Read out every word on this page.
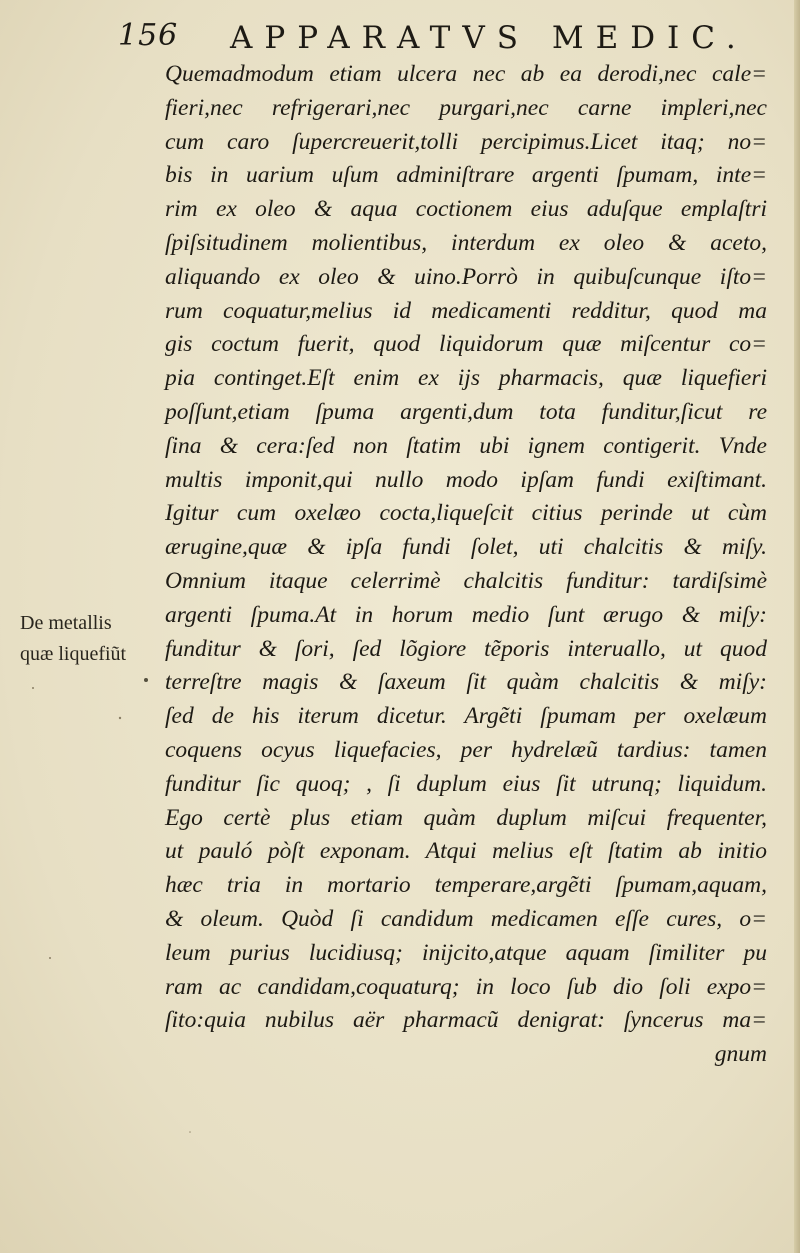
156 APPARATVS MEDIC.
De metallis
quæ liquefiũt
Quemadmodum etiam ulcera nec ab ea derodi,nec cale=
fieri,nec refrigerari,nec purgari,nec carne impleri,nec
cum caro ſupercreuerit,tolli percipimus.Licet itaq; no=
bis in uarium uſum adminiſtrare argenti ſpumam, inte=
rim ex oleo & aqua coctionem eius aduſque emplaſtri
ſpiſsitudinem molientibus, interdum ex oleo & aceto,
aliquando ex oleo & uino.Porrò in quibuſcunque iſto=
rum coquatur,melius id medicamenti redditur, quod ma
gis coctum fuerit, quod liquidorum quæ miſcentur co=
pia continget.Eſt enim ex ijs pharmacis, quæ liquefieri
poſſunt,etiam ſpuma argenti,dum tota funditur,ſicut re
ſina & cera:ſed non ſtatim ubi ignem contigerit. Vnde
multis imponit,qui nullo modo ipſam fundi exiſtimant.
Igitur cum oxelæo cocta,liqueſcit citius perinde ut cùm
ærugine,quæ & ipſa fundi ſolet, uti chalcitis & miſy.
Omnium itaque celerrimè chalcitis funditur: tardiſsimè
argenti ſpuma.At in horum medio ſunt ærugo & miſy:
funditur & ſori, ſed lõgiore tẽporis interuallo, ut quod
terreſtre magis & ſaxeum ſit quàm chalcitis & miſy:
ſed de his iterum dicetur. Argẽti ſpumam per oxelæum
coquens ocyus liquefacies, per hydrelæũ tardius: tamen
funditur ſic quoq; , ſi duplum eius ſit utrunq; liquidum.
Ego certè plus etiam quàm duplum miſcui frequenter,
ut pauló pòſt exponam. Atqui melius eſt ſtatim ab initio
hæc tria in mortario temperare,argẽti ſpumam,aquam,
& oleum. Quòd ſi candidum medicamen eſſe cures, o=
leum purius lucidiusq; inijcito,atque aquam ſimiliter pu
ram ac candidam,coquaturq; in loco ſub dio ſoli expo=
ſito:quia nubilus aër pharmacũ denigrat: ſyncerus ma=
gnum
